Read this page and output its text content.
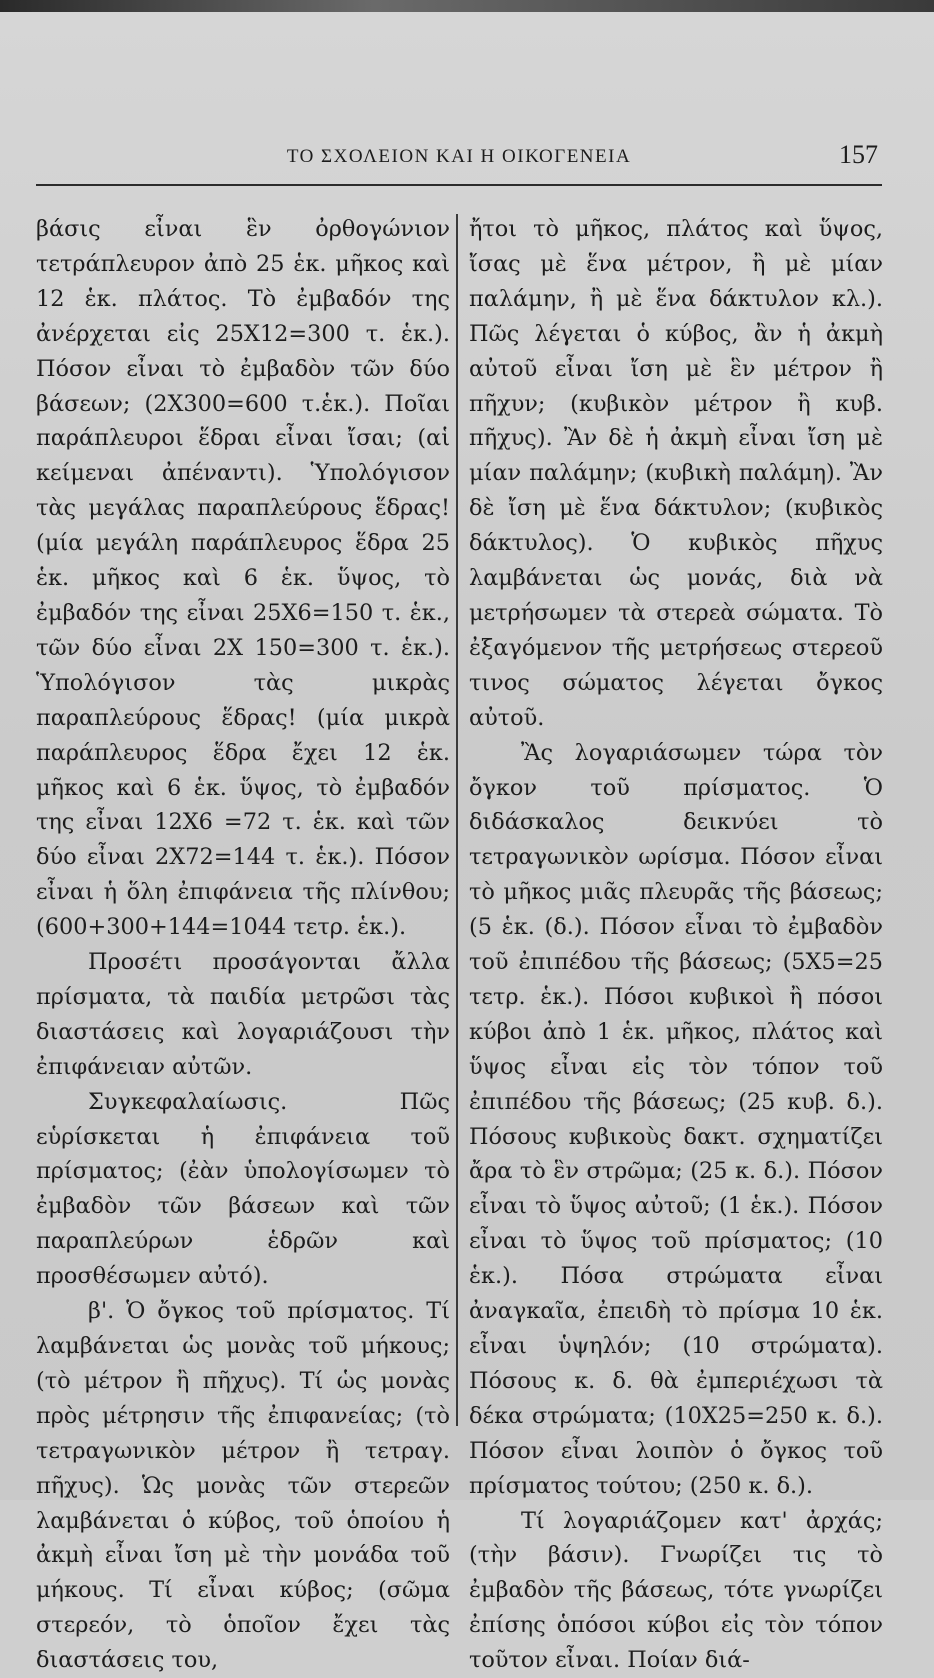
ΤΟ ΣΧΟΛΕΙΟΝ ΚΑΙ Η ΟΙΚΟΓΕΝΕΙΑ	157

βάσις εἶναι ἓν ὀρθογώνιον τετράπλευρον ἀπὸ 25 ἑκ. μῆκος καὶ 12 ἑκ. πλάτος. Τὸ ἐμβαδόν της ἀνέρχεται εἰς 25Χ12=300 τ. ἑκ.). Πόσον εἶναι τὸ ἐμβαδὸν τῶν δύο βάσεων; (2Χ300=600 τ.ἑκ.). Ποῖαι παράπλευροι ἕδραι εἶναι ἴσαι; (αἱ κείμεναι ἀπέναντι). Ὑπολόγισον τὰς μεγάλας παραπλεύρους ἕδρας! (μία μεγάλη παράπλευρος ἕδρα 25 ἑκ. μῆκος καὶ 6 ἑκ. ὕψος, τὸ ἐμβαδόν της εἶναι 25Χ6=150 τ. ἑκ., τῶν δύο εἶναι 2Χ 150=300 τ. ἑκ.). Ὑπολόγισον τὰς μικρὰς παραπλεύρους ἕδρας! (μία μικρὰ παράπλευρος ἕδρα ἔχει 12 ἑκ. μῆκος καὶ 6 ἑκ. ὕψος, τὸ ἐμβαδόν της εἶναι 12Χ6 =72 τ. ἑκ. καὶ τῶν δύο εἶναι 2Χ72=144 τ. ἑκ.). Πόσον εἶναι ἡ ὅλη ἐπιφάνεια τῆς πλίνθου; (600+300+144=1044 τετρ. ἑκ.).

Προσέτι προσάγονται ἄλλα πρίσματα, τὰ παιδία μετρῶσι τὰς διαστάσεις καὶ λογαριάζουσι τὴν ἐπιφάνειαν αὐτῶν.

Συγκεφαλαίωσις. Πῶς εὑρίσκεται ἡ ἐπιφάνεια τοῦ πρίσματος; (ἐὰν ὑπολογίσωμεν τὸ ἐμβαδὸν τῶν βάσεων καὶ τῶν παραπλεύρων ἑδρῶν καὶ προσθέσωμεν αὐτό).

β'. Ὁ ὄγκος τοῦ πρίσματος. Τί λαμβάνεται ὡς μονὰς τοῦ μήκους; (τὸ μέτρον ἢ πῆχυς). Τί ὡς μονὰς πρὸς μέτρησιν τῆς ἐπιφανείας; (τὸ τετραγωνικὸν μέτρον ἢ τετραγ. πῆχυς). Ὡς μονὰς τῶν στερεῶν λαμβάνεται ὁ κύβος, τοῦ ὁποίου ἡ ἀκμὴ εἶναι ἴση μὲ τὴν μονάδα τοῦ μήκους. Τί εἶναι κύβος; (σῶμα στερεόν, τὸ ὁποῖον ἔχει τὰς διαστάσεις του,

ἤτοι τὸ μῆκος, πλάτος καὶ ὕψος, ἴσας μὲ ἕνα μέτρον, ἢ μὲ μίαν παλάμην, ἢ μὲ ἕνα δάκτυλον κλ.). Πῶς λέγεται ὁ κύβος, ἂν ἡ ἀκμὴ αὐτοῦ εἶναι ἴση μὲ ἓν μέτρον ἢ πῆχυν; (κυβικὸν μέτρον ἢ κυβ. πῆχυς). Ἂν δὲ ἡ ἀκμὴ εἶναι ἴση μὲ μίαν παλάμην; (κυβικὴ παλάμη). Ἂν δὲ ἴση μὲ ἕνα δάκτυλον; (κυβικὸς δάκτυλος). Ὁ κυβικὸς πῆχυς λαμβάνεται ὡς μονάς, διὰ νὰ μετρήσωμεν τὰ στερεὰ σώματα. Τὸ ἐξαγόμενον τῆς μετρήσεως στερεοῦ τινος σώματος λέγεται ὄγκος αὐτοῦ.

Ἂς λογαριάσωμεν τώρα τὸν ὄγκον τοῦ πρίσματος. Ὁ διδάσκαλος δεικνύει τὸ τετραγωνικὸν ωρίσμα. Πόσον εἶναι τὸ μῆκος μιᾶς πλευρᾶς τῆς βάσεως; (5 ἑκ. (δ.). Πόσον εἶναι τὸ ἐμβαδὸν τοῦ ἐπιπέδου τῆς βάσεως; (5Χ5=25 τετρ. ἑκ.). Πόσοι κυβικοὶ ἢ πόσοι κύβοι ἀπὸ 1 ἑκ. μῆκος, πλάτος καὶ ὕψος εἶναι εἰς τὸν τόπον τοῦ ἐπιπέδου τῆς βάσεως; (25 κυβ. δ.). Πόσους κυβικοὺς δακτ. σχηματίζει ἄρα τὸ ἓν στρῶμα; (25 κ. δ.). Πόσον εἶναι τὸ ὕψος αὐτοῦ; (1 ἑκ.). Πόσον εἶναι τὸ ὕψος τοῦ πρίσματος; (10 ἑκ.). Πόσα στρώματα εἶναι ἀναγκαῖα, ἐπειδὴ τὸ πρίσμα 10 ἑκ. εἶναι ὑψηλόν; (10 στρώματα). Πόσους κ. δ. θὰ ἐμπεριέχωσι τὰ δέκα στρώματα; (10Χ25=250 κ. δ.). Πόσον εἶναι λοιπὸν ὁ ὄγκος τοῦ πρίσματος τούτου; (250 κ. δ.).

Τί λογαριάζομεν κατ' ἀρχάς; (τὴν βάσιν). Γνωρίζει τις τὸ ἐμβαδὸν τῆς βάσεως, τότε γνωρίζει ἐπίσης ὁπόσοι κύβοι εἰς τὸν τόπον τοῦτον εἶναι. Ποίαν διά-
